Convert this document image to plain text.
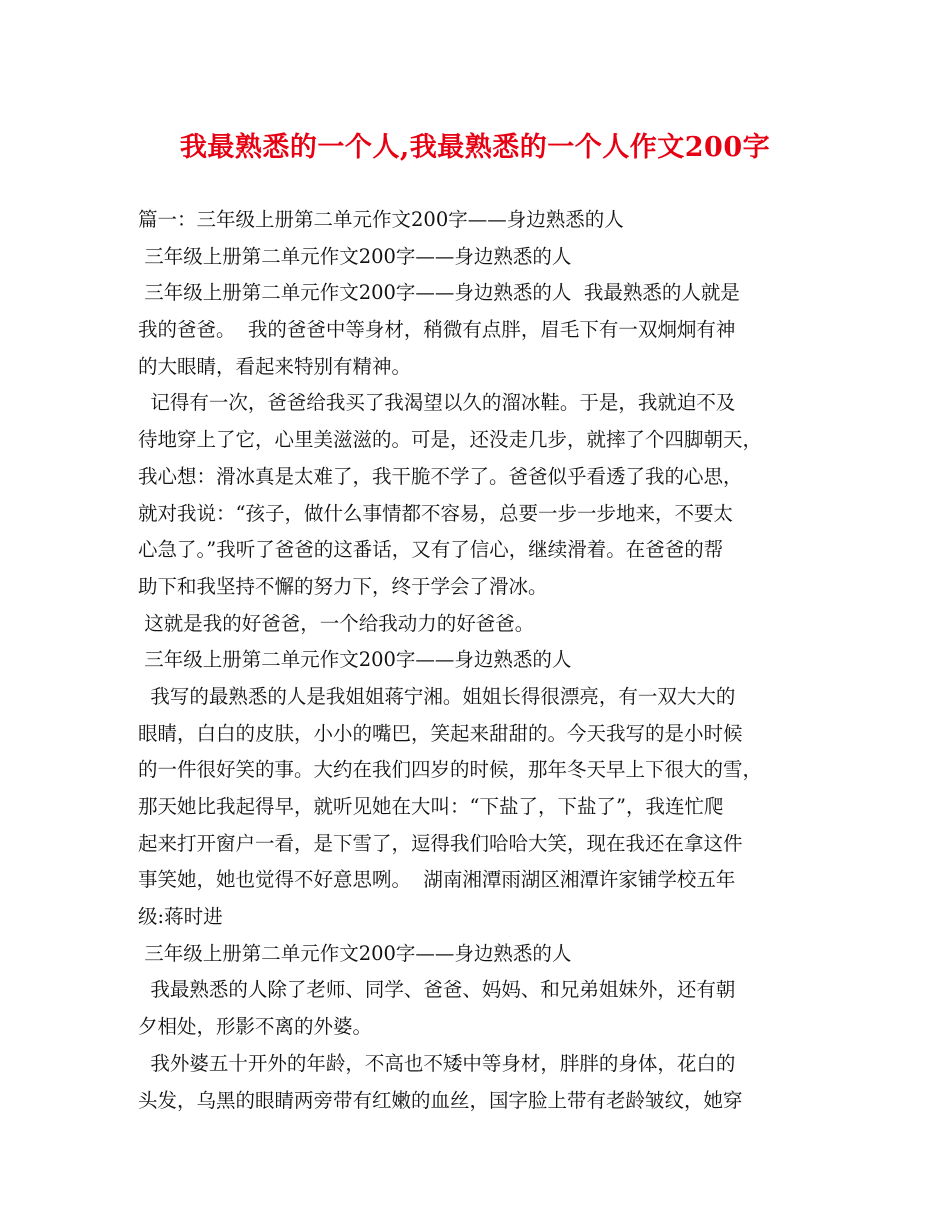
我最熟悉的一个人,我最熟悉的一个人作文200字
篇一：三年级上册第二单元作文200字——身边熟悉的人
三年级上册第二单元作文200字——身边熟悉的人
三年级上册第二单元作文200字——身边熟悉的人  我最熟悉的人就是
我的爸爸。  我的爸爸中等身材，稍微有点胖，眉毛下有一双炯炯有神
的大眼睛，看起来特别有精神。
记得有一次，爸爸给我买了我渴望以久的溜冰鞋。于是，我就迫不及
待地穿上了它，心里美滋滋的。可是，还没走几步，就摔了个四脚朝天，
我心想：滑冰真是太难了，我干脆不学了。爸爸似乎看透了我的心思，
就对我说：“孩子，做什么事情都不容易，总要一步一步地来，不要太
心急了。”我听了爸爸的这番话，又有了信心，继续滑着。在爸爸的帮
助下和我坚持不懈的努力下，终于学会了滑冰。
这就是我的好爸爸，一个给我动力的好爸爸。
三年级上册第二单元作文200字——身边熟悉的人
我写的最熟悉的人是我姐姐蒋宁湘。姐姐长得很漂亮，有一双大大的
眼睛，白白的皮肤，小小的嘴巴，笑起来甜甜的。今天我写的是小时候
的一件很好笑的事。大约在我们四岁的时候，那年冬天早上下很大的雪，
那天她比我起得早，就听见她在大叫：“下盐了，下盐了”，我连忙爬
起来打开窗户一看，是下雪了，逗得我们哈哈大笑，现在我还在拿这件
事笑她，她也觉得不好意思咧。  湖南湘潭雨湖区湘潭许家铺学校五年
级:蒋时进
三年级上册第二单元作文200字——身边熟悉的人
我最熟悉的人除了老师、同学、爸爸、妈妈、和兄弟姐妹外，还有朝
夕相处，形影不离的外婆。
我外婆五十开外的年龄，不高也不矮中等身材，胖胖的身体，花白的
头发，乌黑的眼睛两旁带有红嫩的血丝，国字脸上带有老龄皱纹，她穿
